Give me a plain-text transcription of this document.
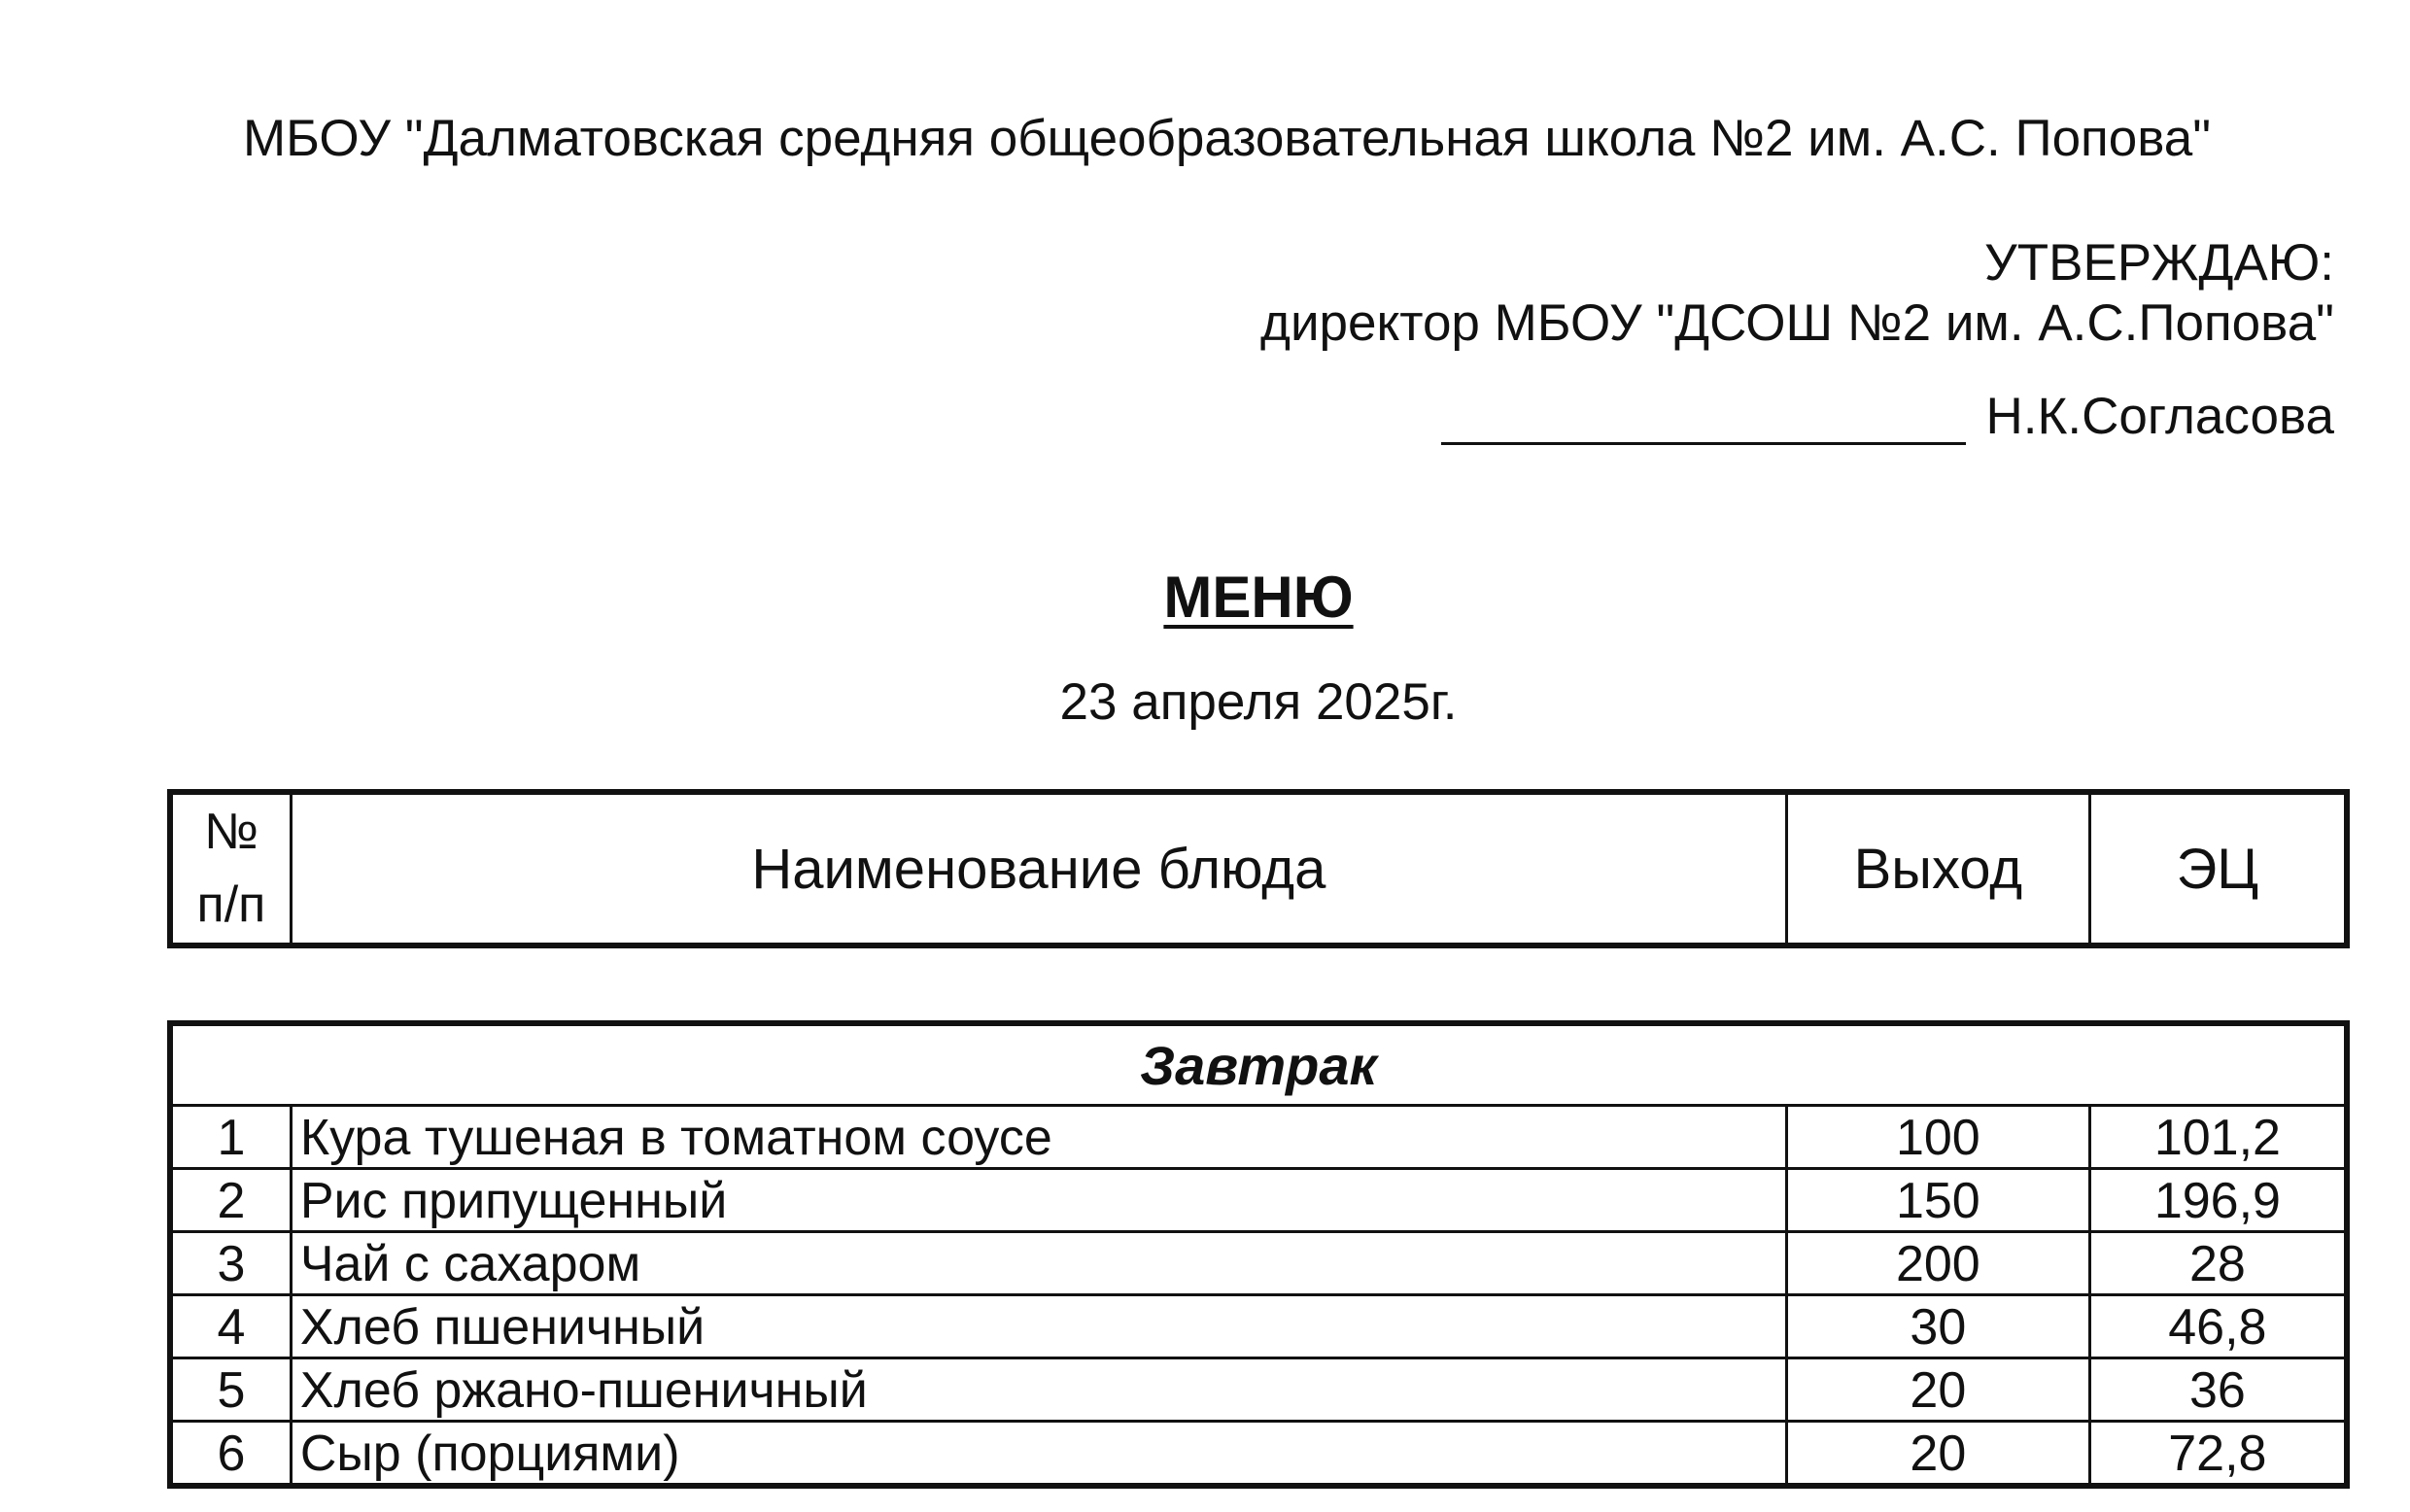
МБОУ "Далматовская средняя общеобразовательная школа №2 им. А.С. Попова"
УТВЕРЖДАЮ:
директор МБОУ "ДСОШ №2 им. А.С.Попова"
Н.К.Согласова
МЕНЮ
23 апреля 2025г.
№
п/п	Наименование блюда	Выход	ЭЦ
Завтрак			
1	Кура тушеная в томатном соусе	100	101,2
2	Рис припущенный	150	196,9
3	Чай с сахаром	200	28
4	Хлеб пшеничный	30	46,8
5	Хлеб ржано-пшеничный	20	36
6	Сыр (порциями)	20	72,8
